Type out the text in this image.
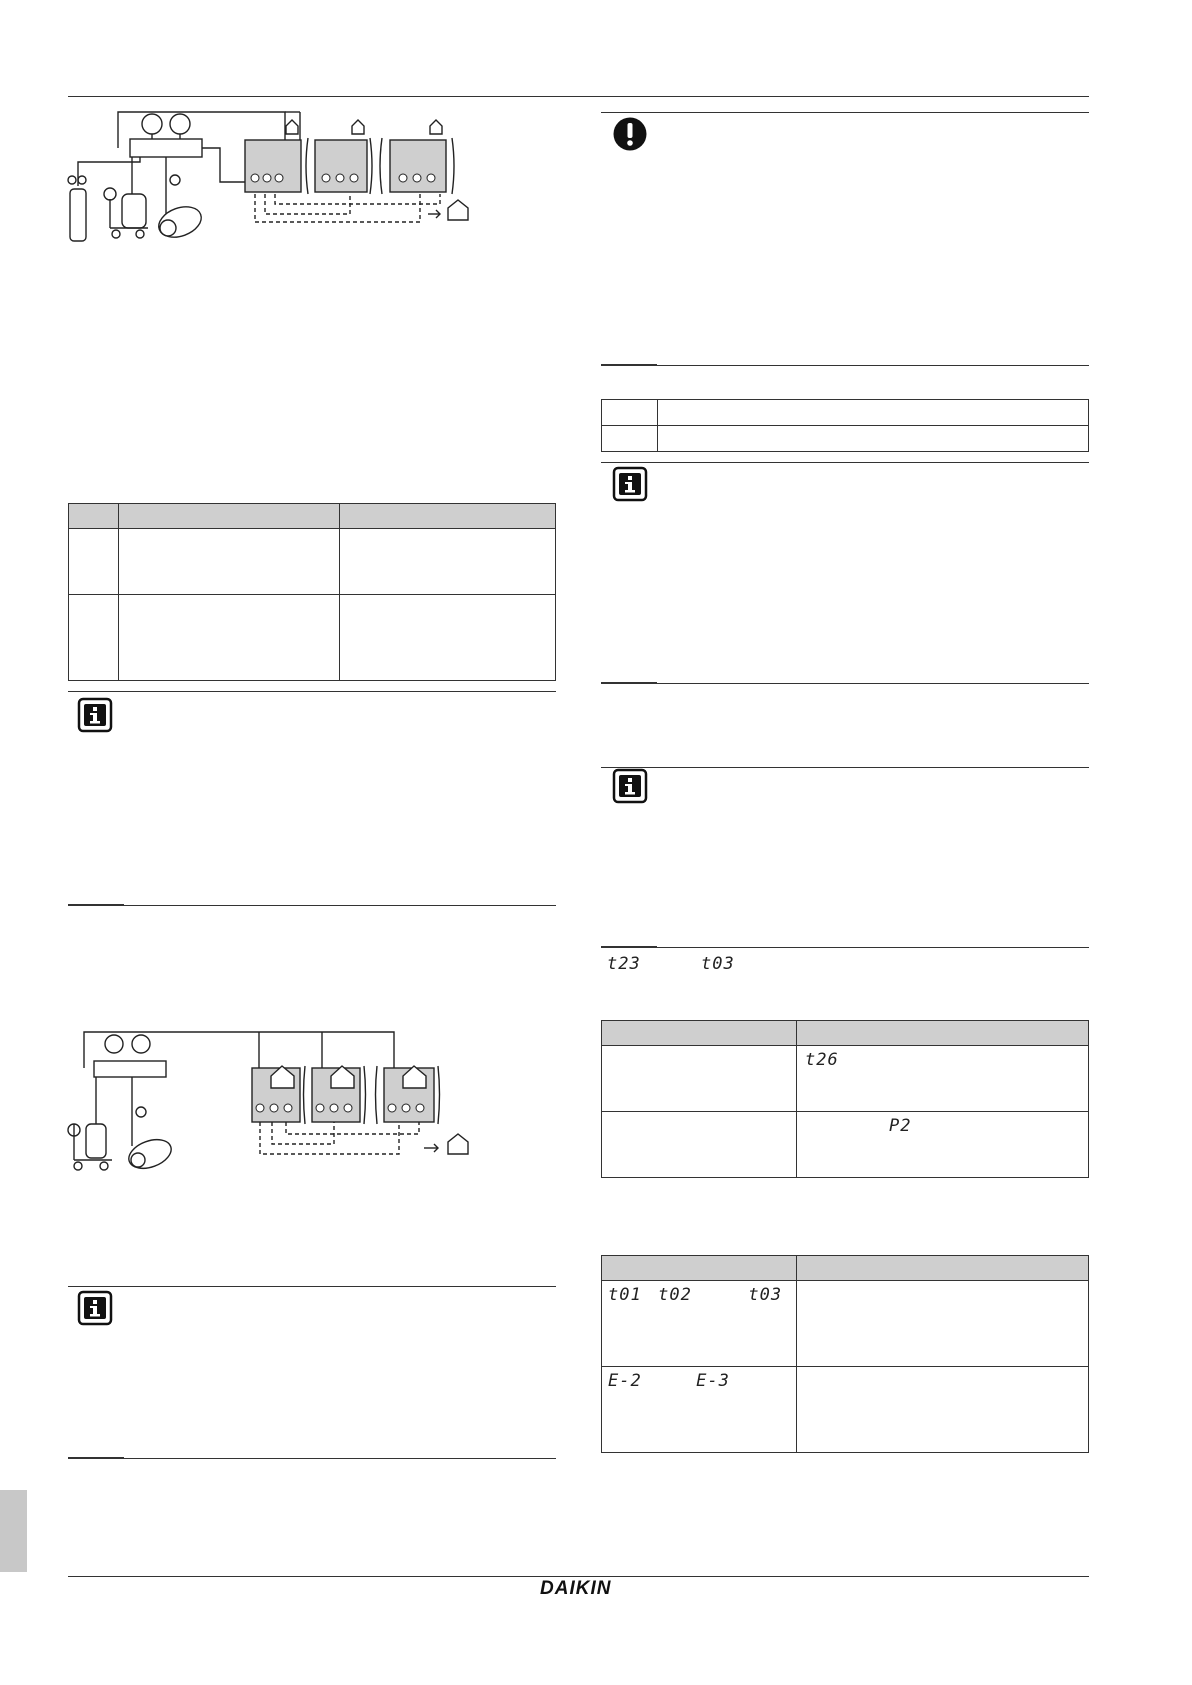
t23	t03

	t26
	P2

t01 t02 t03	
E-2 E-3	
DAIKIN
